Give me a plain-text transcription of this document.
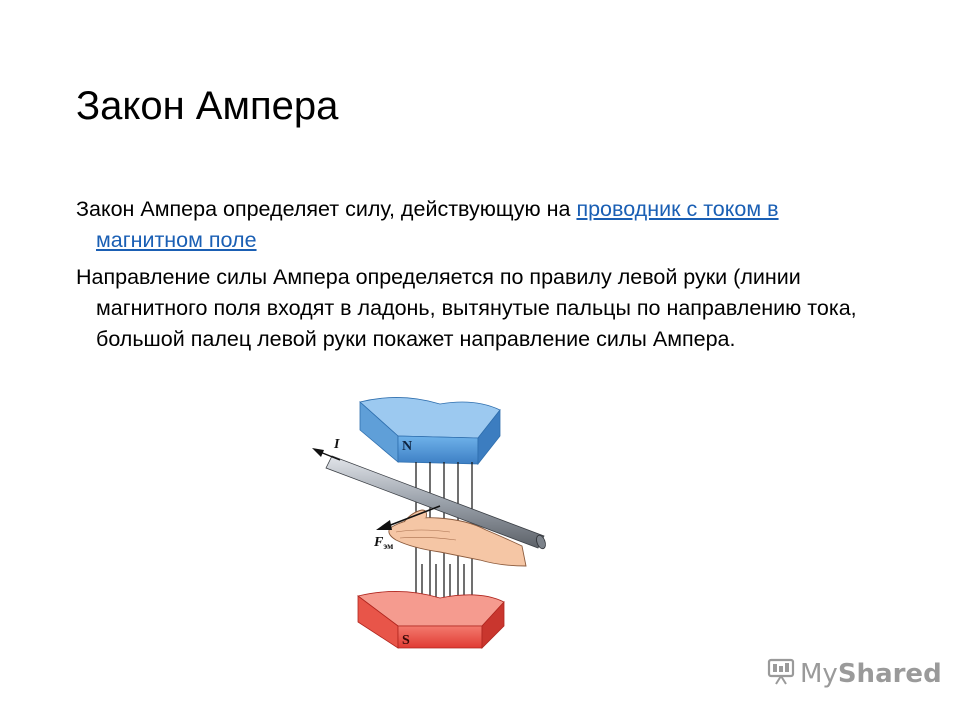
Закон Ампера

Закон Ампера определяет силу, действующую на проводник с током в магнитном поле

Направление силы Ампера определяется по правилу левой руки (линии магнитного поля входят в ладонь, вытянутые пальцы по направлению тока, большой палец левой руки покажет направление силы Ампера.

N
S
I
$F_{эм}$
My Shared
